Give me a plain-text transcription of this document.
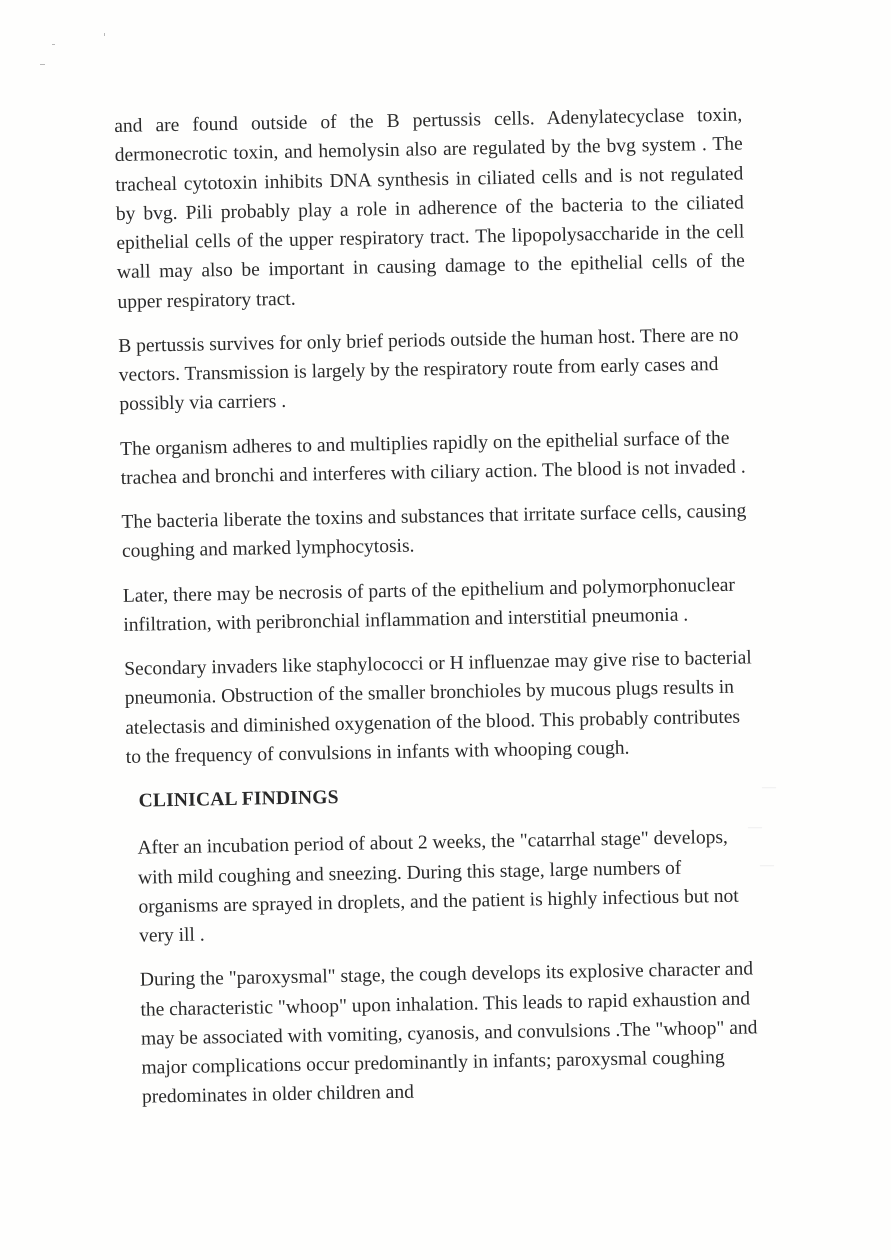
—
—
—

and are found outside of the B pertussis cells. Adenylatecyclase toxin, dermonecrotic toxin, and hemolysin also are regulated by the bvg system . The tracheal cytotoxin inhibits DNA synthesis in ciliated cells and is not regulated by bvg. Pili probably play a role in adherence of the bacteria to the ciliated epithelial cells of the upper respiratory tract. The lipopolysaccharide in the cell wall may also be important in causing damage to the epithelial cells of the upper respiratory tract.

B pertussis survives for only brief periods outside the human host. There are no vectors. Transmission is largely by the respiratory route from early cases and possibly via carriers .

The organism adheres to and multiplies rapidly on the epithelial surface of the trachea and bronchi and interferes with ciliary action. The blood is not invaded .

The bacteria liberate the toxins and substances that irritate surface cells, causing coughing and marked lymphocytosis.

Later, there may be necrosis of parts of the epithelium and polymorphonuclear infiltration, with peribronchial inflammation and interstitial pneumonia .

Secondary invaders like staphylococci or H influenzae may give rise to bacterial pneumonia. Obstruction of the smaller bronchioles by mucous plugs results in atelectasis and diminished oxygenation of the blood. This probably contributes to the frequency of convulsions in infants with whooping cough.

CLINICAL FINDINGS

After an incubation period of about 2 weeks, the "catarrhal stage" develops, with mild coughing and sneezing. During this stage, large numbers of organisms are sprayed in droplets, and the patient is highly infectious but not very ill .

During the "paroxysmal" stage, the cough develops its explosive character and the characteristic "whoop" upon inhalation. This leads to rapid exhaustion and may be associated with vomiting, cyanosis, and convulsions .The "whoop" and major complications occur predominantly in infants; paroxysmal coughing predominates in older children and
